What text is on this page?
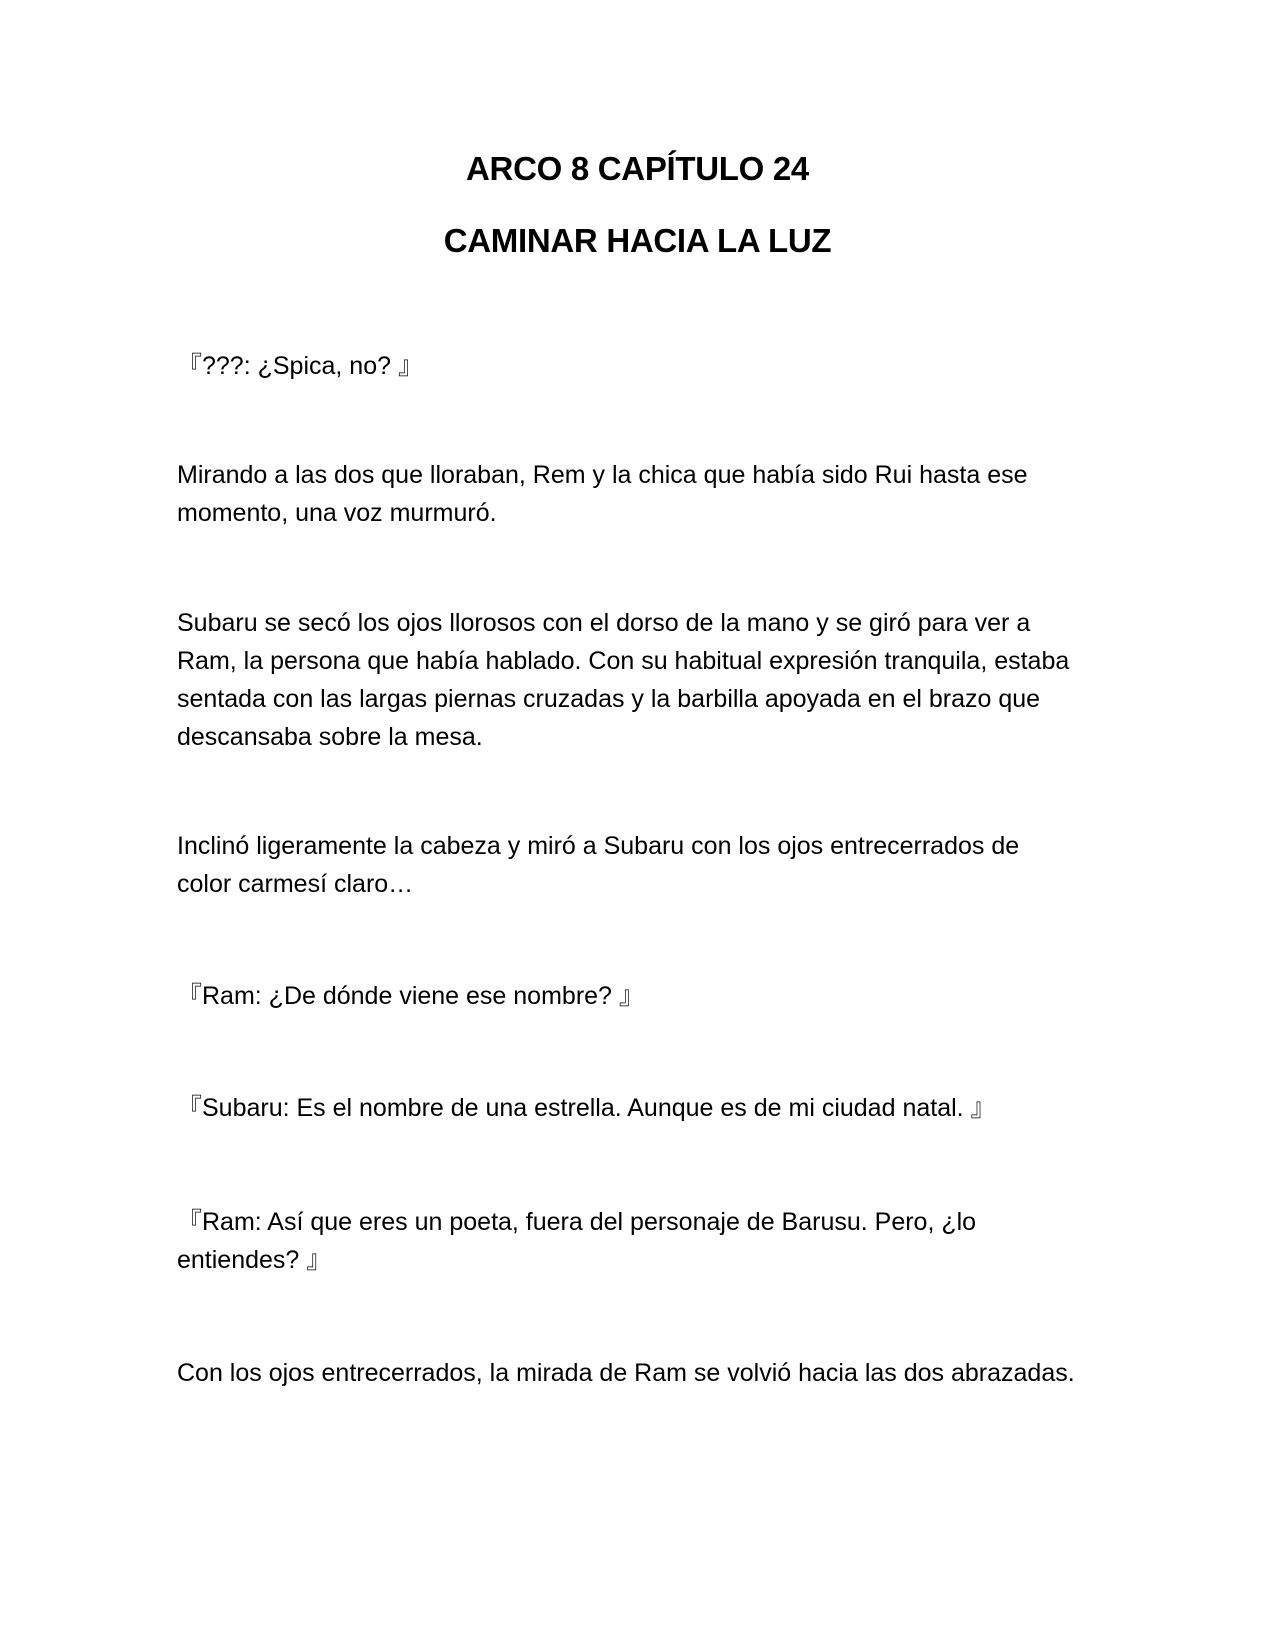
ARCO 8 CAPÍTULO 24
CAMINAR HACIA LA LUZ

『???: ¿Spica, no? 』

Mirando a las dos que lloraban, Rem y la chica que había sido Rui hasta ese momento, una voz murmuró.

Subaru se secó los ojos llorosos con el dorso de la mano y se giró para ver a Ram, la persona que había hablado. Con su habitual expresión tranquila, estaba sentada con las largas piernas cruzadas y la barbilla apoyada en el brazo que descansaba sobre la mesa.

Inclinó ligeramente la cabeza y miró a Subaru con los ojos entrecerrados de color carmesí claro…

『Ram: ¿De dónde viene ese nombre? 』

『Subaru: Es el nombre de una estrella. Aunque es de mi ciudad natal. 』

『Ram: Así que eres un poeta, fuera del personaje de Barusu. Pero, ¿lo entiendes? 』

Con los ojos entrecerrados, la mirada de Ram se volvió hacia las dos abrazadas.
